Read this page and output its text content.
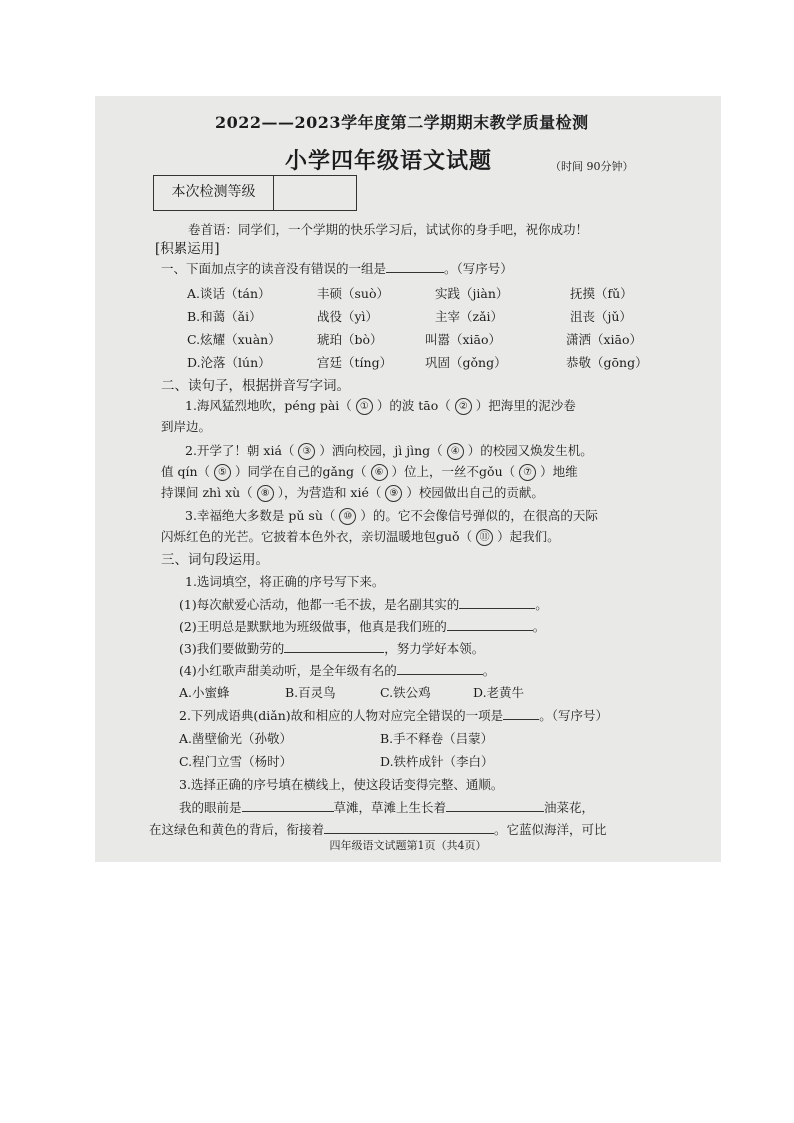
2022——2023学年度第二学期期末教学质量检测
小学四年级语文试题	（时间 90分钟）
本次检测等级
卷首语：同学们，一个学期的快乐学习后，试试你的身手吧，祝你成功！
[积累运用]
一、下面加点字的读音没有错误的一组是	。（写序号）
A.谈话（tán）	丰硕（suò）	实践（jiàn）	抚摸（fǔ）
B.和蔼（ǎi）	战役（yì）	主宰（zǎi）	沮丧（jǔ）
C.炫耀（xuàn）	琥珀（bò）	叫嚣（xiāo）	潇洒（xiāo）
D.沦落（lún）	宫廷（tíng）	巩固（gǒng）	恭敬（gōng）
二、读句子，根据拼音写字词。
1.海风猛烈地吹，péng pài（ ① ）的波 tāo（ ② ）把海里的泥沙卷
到岸边。
2.开学了！朝 xiá（ ③ ）洒向校园，jì jìng（ ④ ）的校园又焕发生机。
值 qín（ ⑤ ）同学在自己的gǎng（ ⑥ ）位上，一丝不gǒu（ ⑦ ）地维
持课间 zhì xù（ ⑧ ），为营造和 xié（ ⑨ ）校园做出自己的贡献。
3.幸福绝大多数是 pǔ sù（ ⑩ ）的。它不会像信号弹似的，在很高的天际
闪烁红色的光芒。它披着本色外衣，亲切温暖地包guǒ（ ⑪ ）起我们。
三、词句段运用。
1.选词填空，将正确的序号写下来。
(1)每次献爱心活动，他都一毛不拔，是名副其实的	。
(2)王明总是默默地为班级做事，他真是我们班的	。
(3)我们要做勤劳的	，努力学好本领。
(4)小红歌声甜美动听，是全年级有名的	。
A.小蜜蜂	B.百灵鸟	C.铁公鸡	D.老黄牛
2.下列成语典(diǎn)故和相应的人物对应完全错误的一项是	。（写序号）
A.凿壁偷光（孙敬）	B.手不释卷（吕蒙）
C.程门立雪（杨时）	D.铁杵成针（李白）
3.选择正确的序号填在横线上，使这段话变得完整、通顺。
我的眼前是	草滩，草滩上生长着	油菜花，
在这绿色和黄色的背后，衔接着	。它蓝似海洋，可比
四年级语文试题第1页（共4页）
